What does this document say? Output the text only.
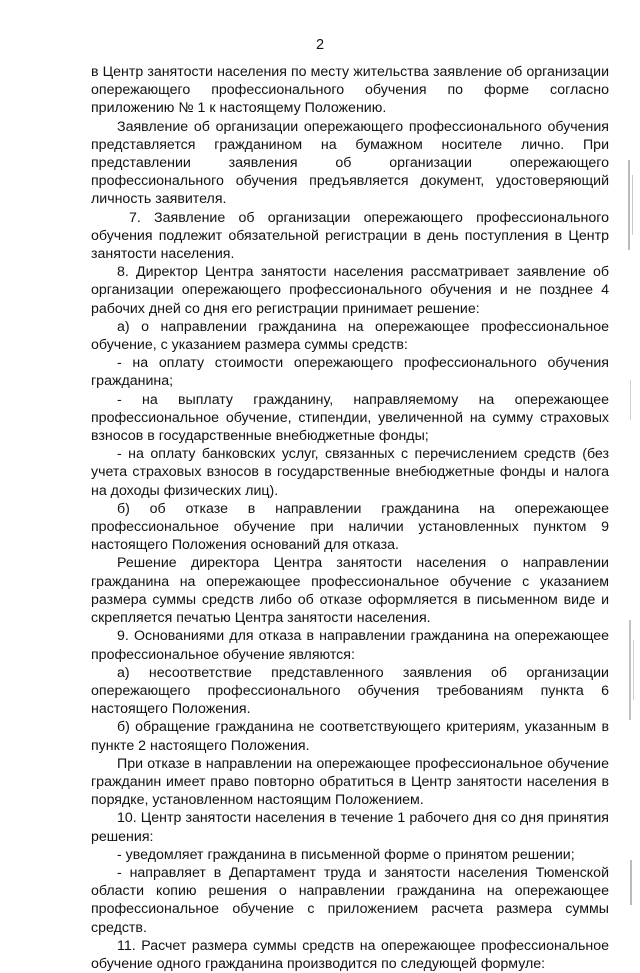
2

в Центр занятости населения по месту жительства заявление об организации опережающего профессионального обучения по форме согласно приложению № 1 к настоящему Положению.

Заявление об организации опережающего профессионального обучения представляется гражданином на бумажном носителе лично. При представлении заявления об организации опережающего профессионального обучения предъявляется документ, удостоверяющий личность заявителя.

7. Заявление об организации опережающего профессионального обучения подлежит обязательной регистрации в день поступления в Центр занятости населения.

8. Директор Центра занятости населения рассматривает заявление об организации опережающего профессионального обучения и не позднее 4 рабочих дней со дня его регистрации принимает решение:

а) о направлении гражданина на опережающее профессиональное обучение, с указанием размера суммы средств:

- на оплату стоимости опережающего профессионального обучения гражданина;

- на выплату гражданину, направляемому на опережающее профессиональное обучение, стипендии, увеличенной на сумму страховых взносов в государственные внебюджетные фонды;

- на оплату банковских услуг, связанных с перечислением средств (без учета страховых взносов в государственные внебюджетные фонды и налога на доходы физических лиц).

б) об отказе в направлении гражданина на опережающее профессиональное обучение при наличии установленных пунктом 9 настоящего Положения оснований для отказа.

Решение директора Центра занятости населения о направлении гражданина на опережающее профессиональное обучение с указанием размера суммы средств либо об отказе оформляется в письменном виде и скрепляется печатью Центра занятости населения.

9. Основаниями для отказа в направлении гражданина на опережающее профессиональное обучение являются:

а) несоответствие представленного заявления об организации опережающего профессионального обучения требованиям пункта 6 настоящего Положения.

б) обращение гражданина не соответствующего критериям, указанным в пункте 2 настоящего Положения.

При отказе в направлении на опережающее профессиональное обучение гражданин имеет право повторно обратиться в Центр занятости населения в порядке, установленном настоящим Положением.

10. Центр занятости населения в течение 1 рабочего дня со дня принятия решения:

- уведомляет гражданина в письменной форме о принятом решении;

- направляет в Департамент труда и занятости населения Тюменской области копию решения о направлении гражданина на опережающее профессиональное обучение с приложением расчета размера суммы средств.

11. Расчет размера суммы средств на опережающее профессиональное обучение одного гражданина производится по следующей формуле:
